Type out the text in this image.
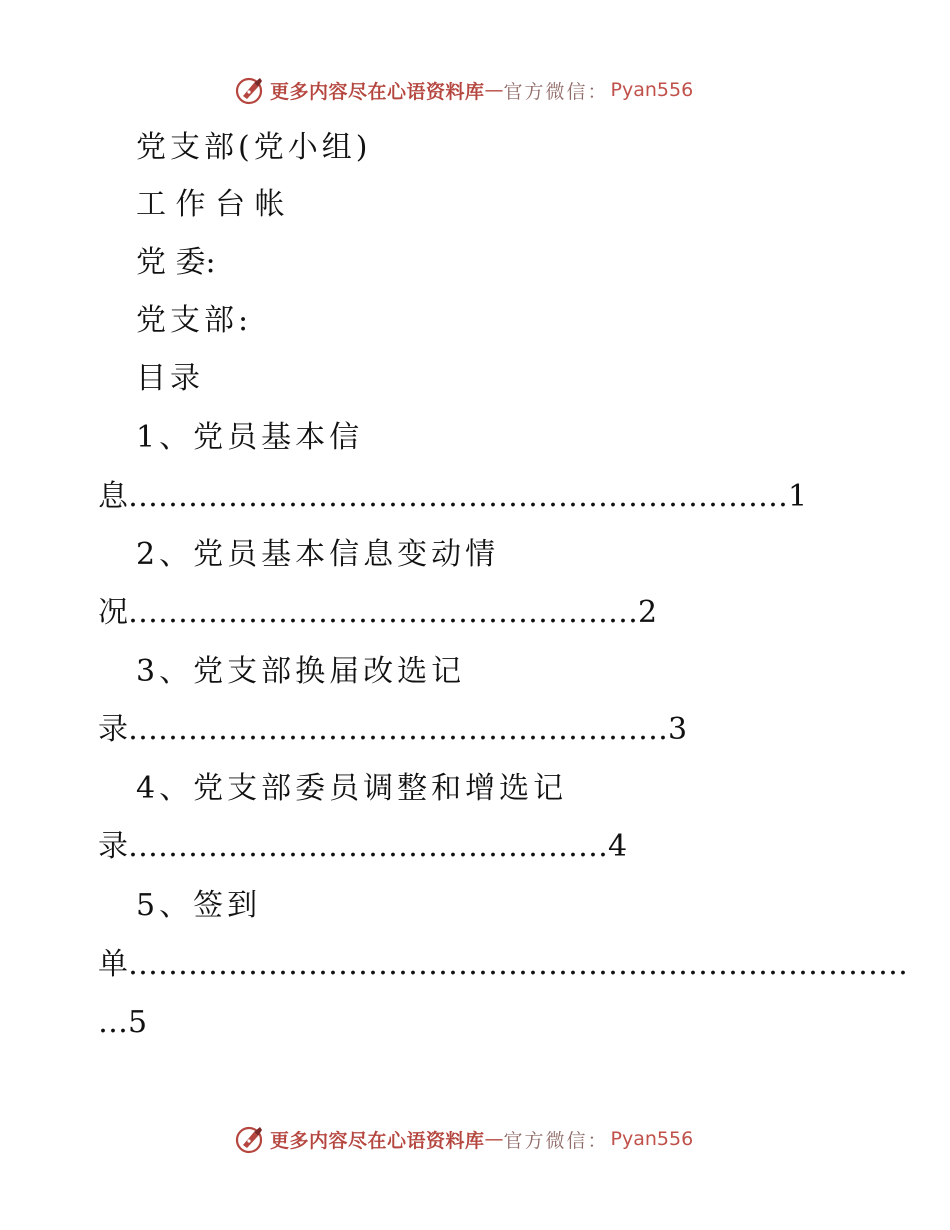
更多内容尽在心语资料库 — 官方微信： Pyan556
党支部(党小组)
工 作 台 帐
党 委:
党支部:
目录
1、党员基本信
息…………………………………………………………1
2、党员基本信息变动情
况……………………………………………2
3、党支部换届改选记
录………………………………………………3
4、党支部委员调整和增选记
录…………………………………………4
5、签到
单……………………………………………………………………
…5
更多内容尽在心语资料库 — 官方微信： Pyan556
